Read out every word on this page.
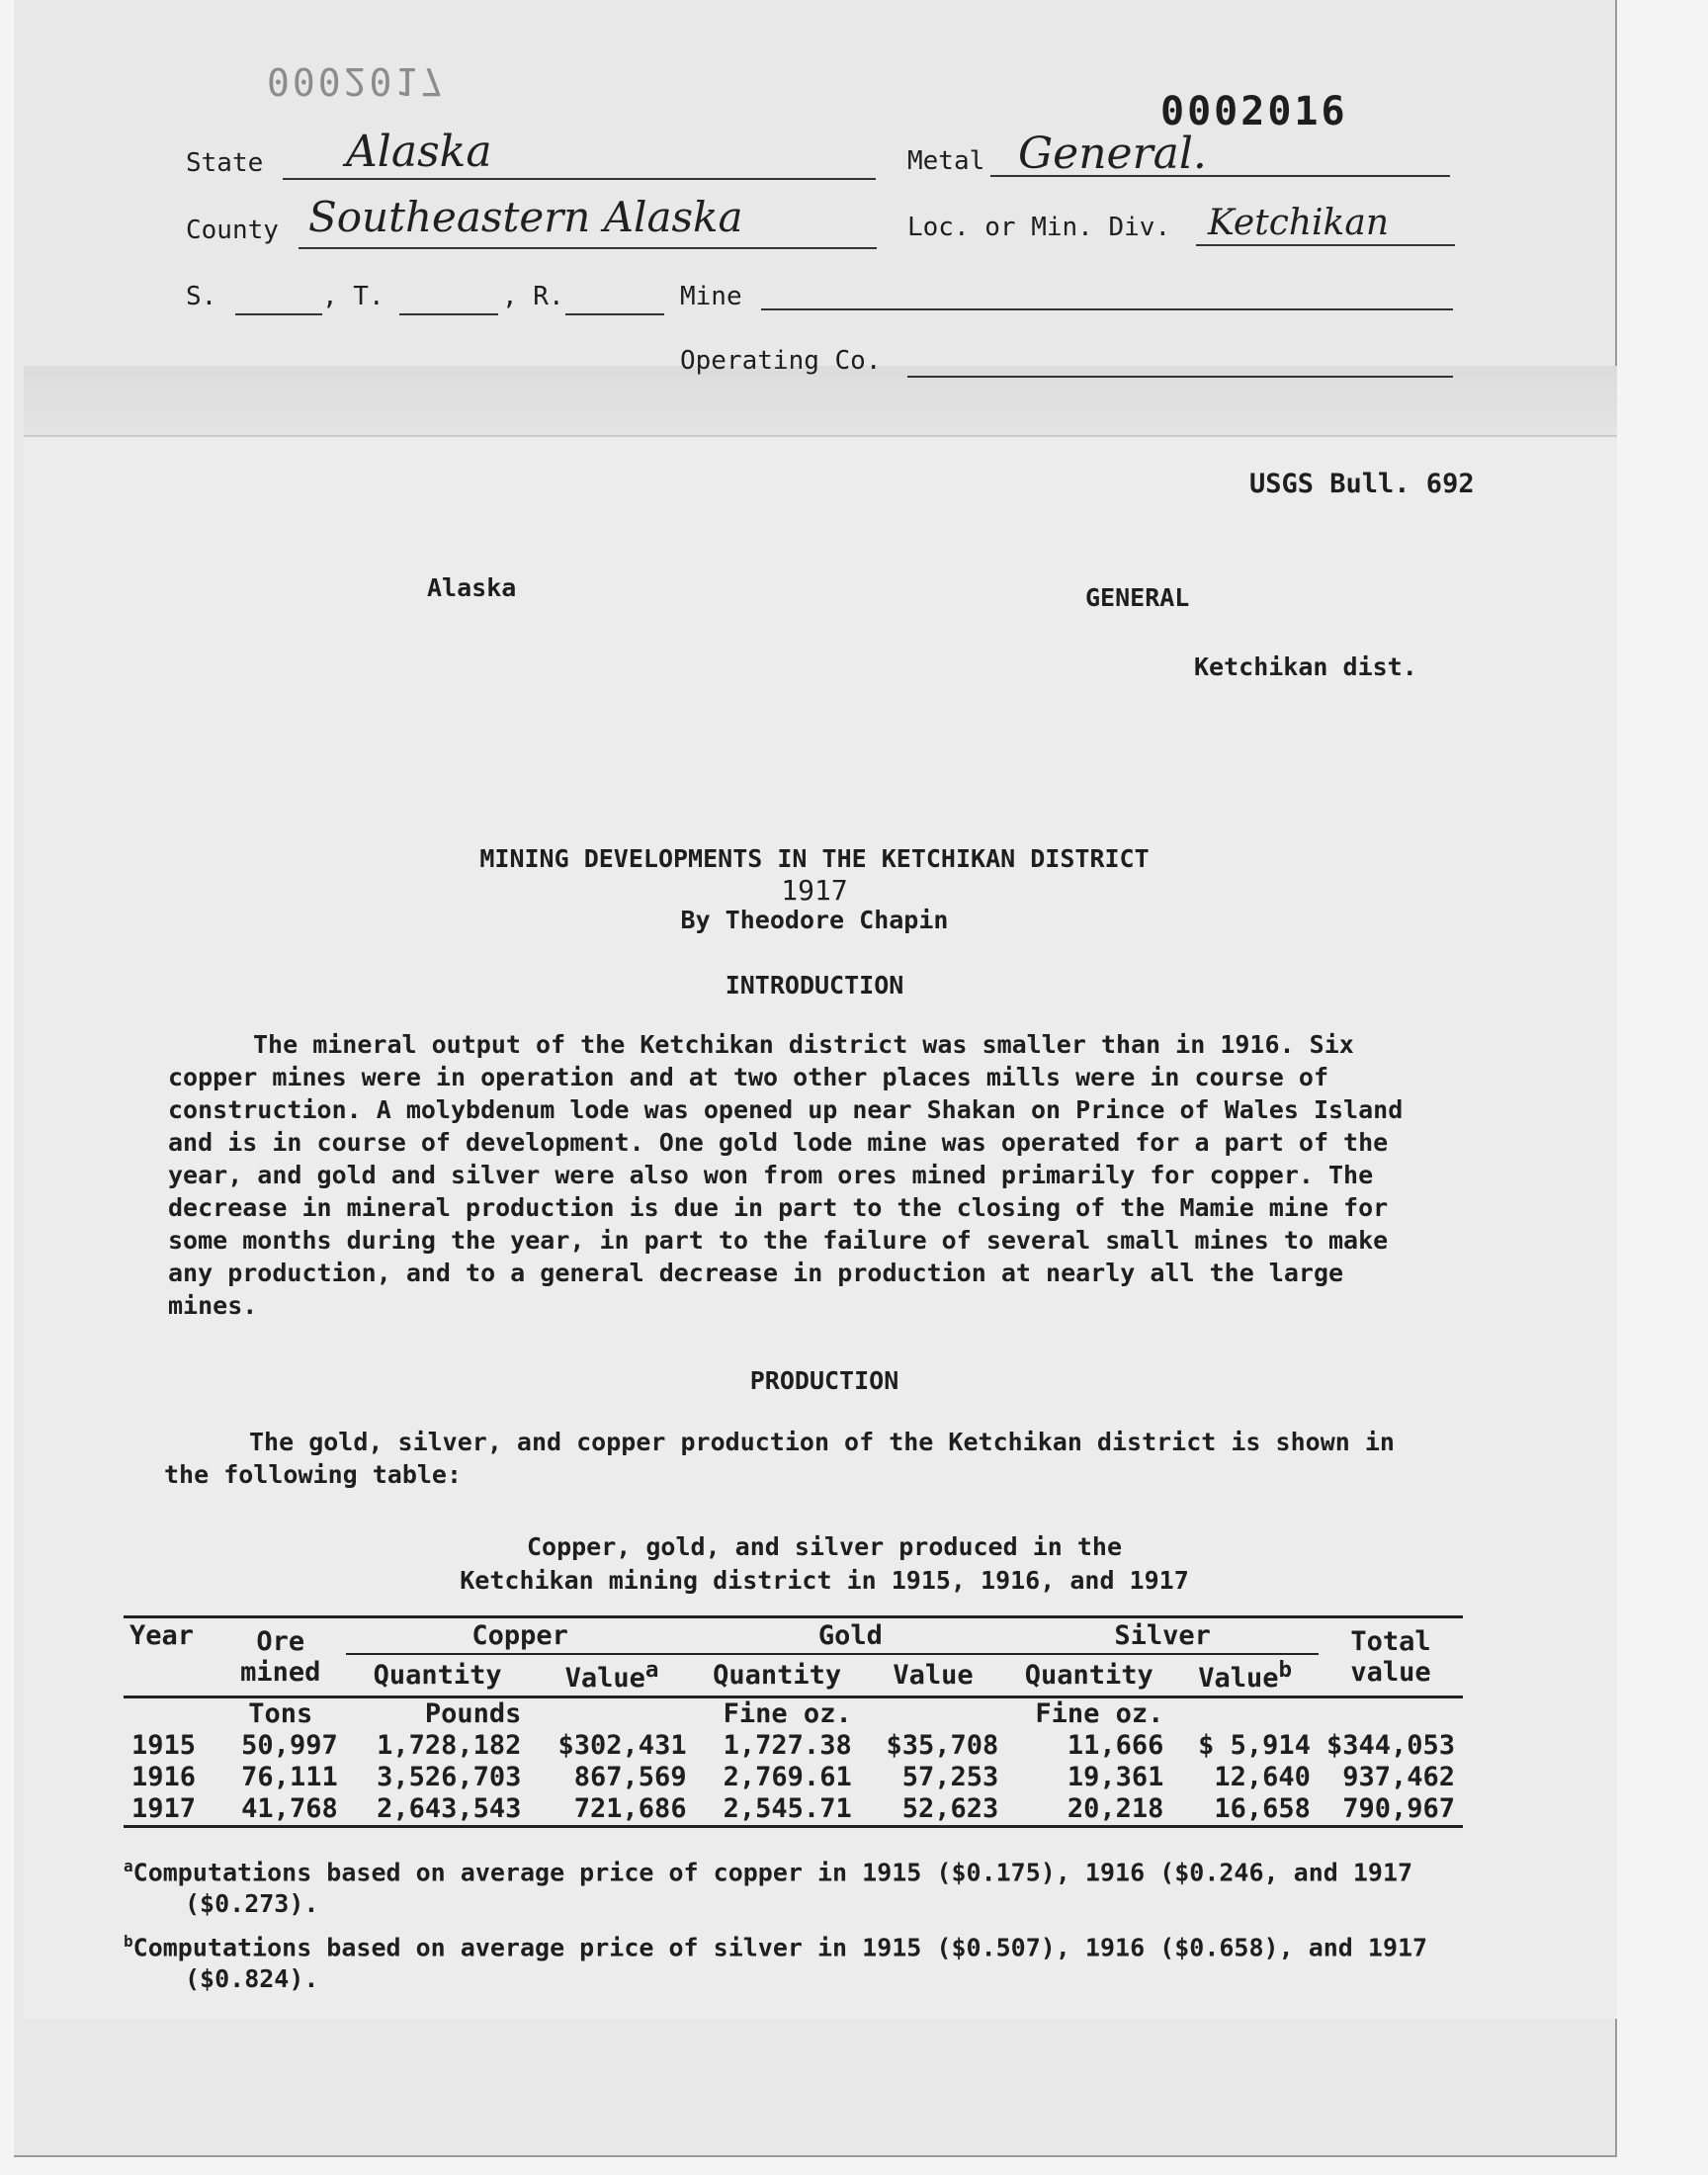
0002017
0002016
State Alaska	Metal General.
County Southeastern Alaska	Loc. or Min. Div. Ketchikan
S.	, T.	, R.	Mine
Operating Co.
USGS Bull. 692
Alaska	GENERAL
Ketchikan dist.
MINING DEVELOPMENTS IN THE KETCHIKAN DISTRICT
1917
By Theodore Chapin
INTRODUCTION
The mineral output of the Ketchikan district was smaller than in 1916. Six copper mines were in operation and at two other places mills were in course of construction. A molybdenum lode was opened up near Shakan on Prince of Wales Island and is in course of development. One gold lode mine was operated for a part of the year, and gold and silver were also won from ores mined primarily for copper. The decrease in mineral production is due in part to the closing of the Mamie mine for some months during the year, in part to the failure of several small mines to make any production, and to a general decrease in production at nearly all the large mines.
PRODUCTION
The gold, silver, and copper production of the Ketchikan district is shown in the following table:
Copper, gold, and silver produced in the
Ketchikan mining district in 1915, 1916, and 1917
Year	Ore mined	Copper		Gold		Silver		Total value
		Quantity	Value$^a$	Quantity	Value	Quantity	Value$^b$
	Tons	Pounds		Fine oz.		Fine oz.		
1915	50,997	1,728,182	$302,431	1,727.38	$35,708	11,666	$ 5,914	$344,053
1916	76,111	3,526,703	867,569	2,769.61	57,253	19,361	12,640	937,462
1917	41,768	2,643,543	721,686	2,545.71	52,623	20,218	16,658	790,967
$^a$Computations based on average price of copper in 1915 ($0.175), 1916 ($0.246, and 1917 ($0.273).
$^b$Computations based on average price of silver in 1915 ($0.507), 1916 ($0.658), and 1917 ($0.824).
